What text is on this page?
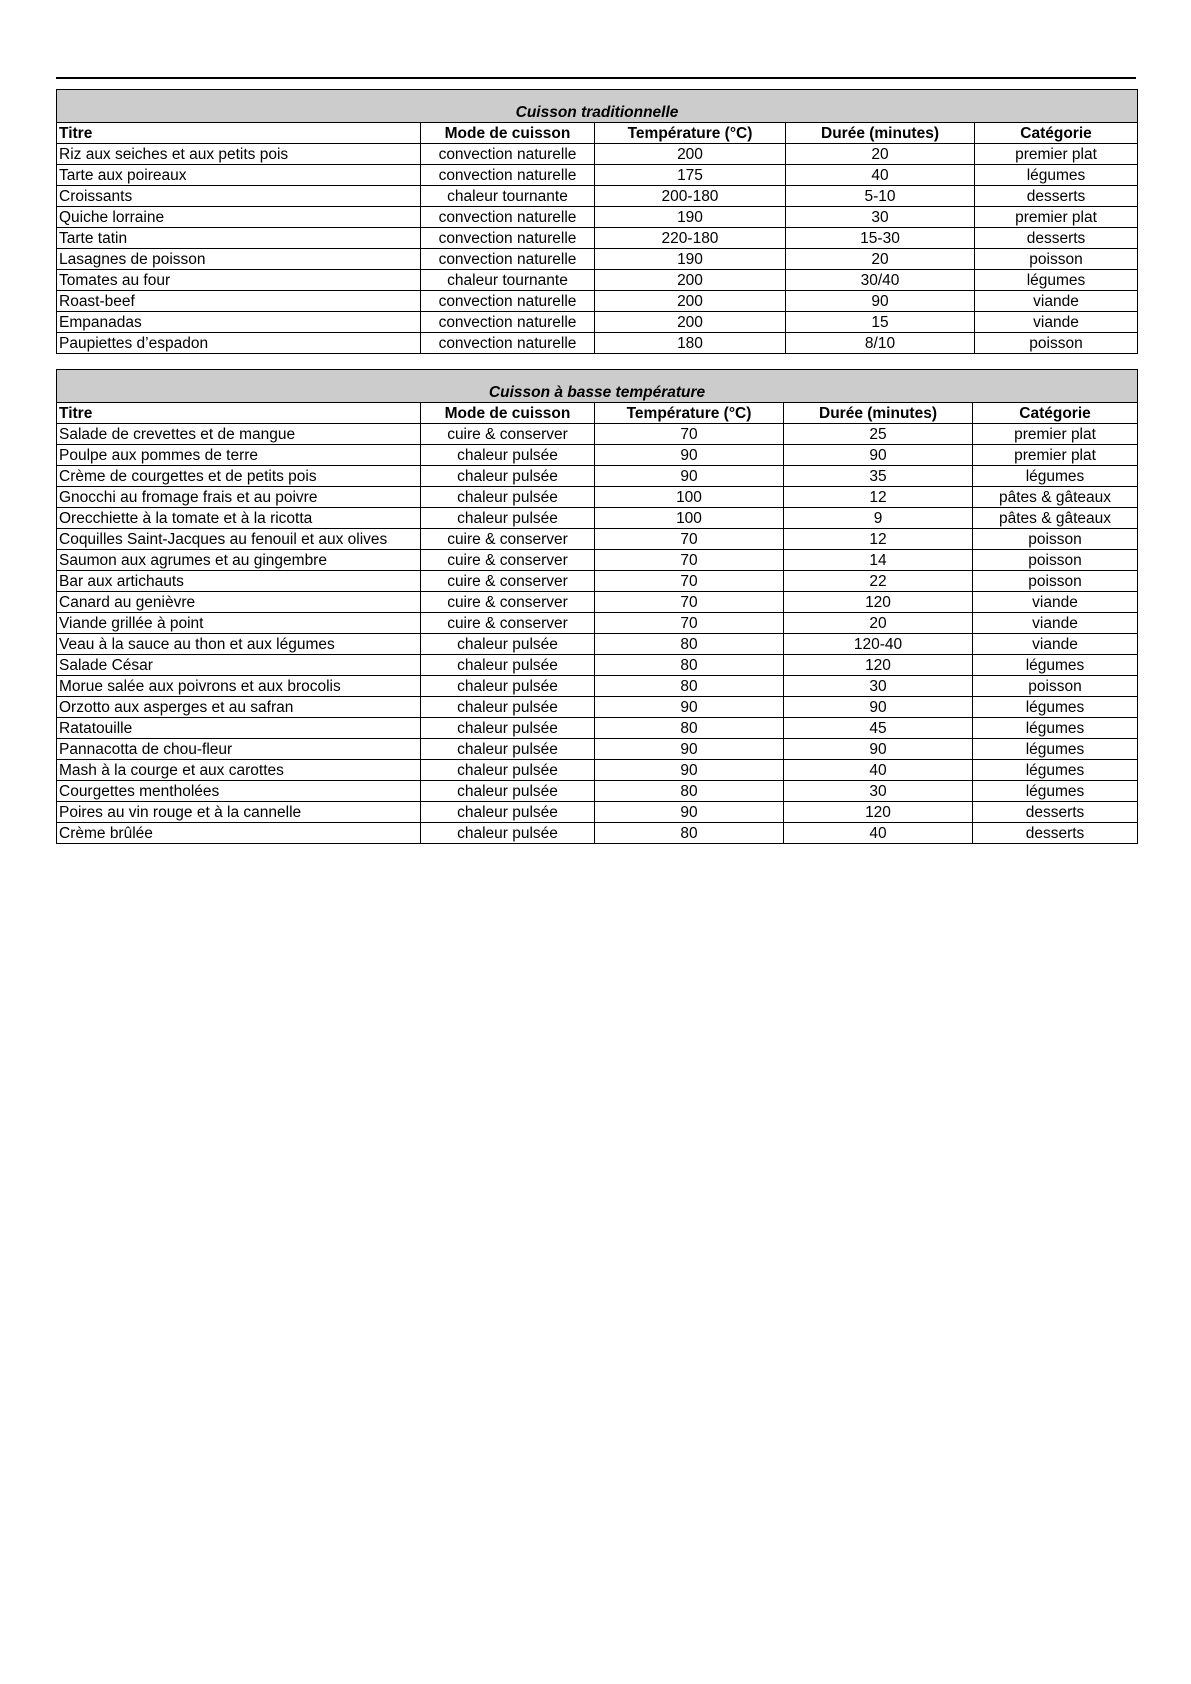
Cuisson traditionnelle				
Titre	Mode de cuisson	Température (°C)	Durée (minutes)	Catégorie
Riz aux seiches et aux petits pois	convection naturelle	200	20	premier plat
Tarte aux poireaux	convection naturelle	175	40	légumes
Croissants	chaleur tournante	200-180	5-10	desserts
Quiche lorraine	convection naturelle	190	30	premier plat
Tarte tatin	convection naturelle	220-180	15-30	desserts
Lasagnes de poisson	convection naturelle	190	20	poisson
Tomates au four	chaleur tournante	200	30/40	légumes
Roast-beef	convection naturelle	200	90	viande
Empanadas	convection naturelle	200	15	viande
Paupiettes d’espadon	convection naturelle	180	8/10	poisson
Cuisson à basse température				
Titre	Mode de cuisson	Température (°C)	Durée (minutes)	Catégorie
Salade de crevettes et de mangue	cuire & conserver	70	25	premier plat
Poulpe aux pommes de terre	chaleur pulsée	90	90	premier plat
Crème de courgettes et de petits pois	chaleur pulsée	90	35	légumes
Gnocchi au fromage frais et au poivre	chaleur pulsée	100	12	pâtes & gâteaux
Orecchiette à la tomate et à la ricotta	chaleur pulsée	100	9	pâtes & gâteaux
Coquilles Saint-Jacques au fenouil et aux olives	cuire & conserver	70	12	poisson
Saumon aux agrumes et au gingembre	cuire & conserver	70	14	poisson
Bar aux artichauts	cuire & conserver	70	22	poisson
Canard au genièvre	cuire & conserver	70	120	viande
Viande grillée à point	cuire & conserver	70	20	viande
Veau à la sauce au thon et aux légumes	chaleur pulsée	80	120-40	viande
Salade César	chaleur pulsée	80	120	légumes
Morue salée aux poivrons et aux brocolis	chaleur pulsée	80	30	poisson
Orzotto aux asperges et au safran	chaleur pulsée	90	90	légumes
Ratatouille	chaleur pulsée	80	45	légumes
Pannacotta de chou-fleur	chaleur pulsée	90	90	légumes
Mash à la courge et aux carottes	chaleur pulsée	90	40	légumes
Courgettes mentholées	chaleur pulsée	80	30	légumes
Poires au vin rouge et à la cannelle	chaleur pulsée	90	120	desserts
Crème brûlée	chaleur pulsée	80	40	desserts
